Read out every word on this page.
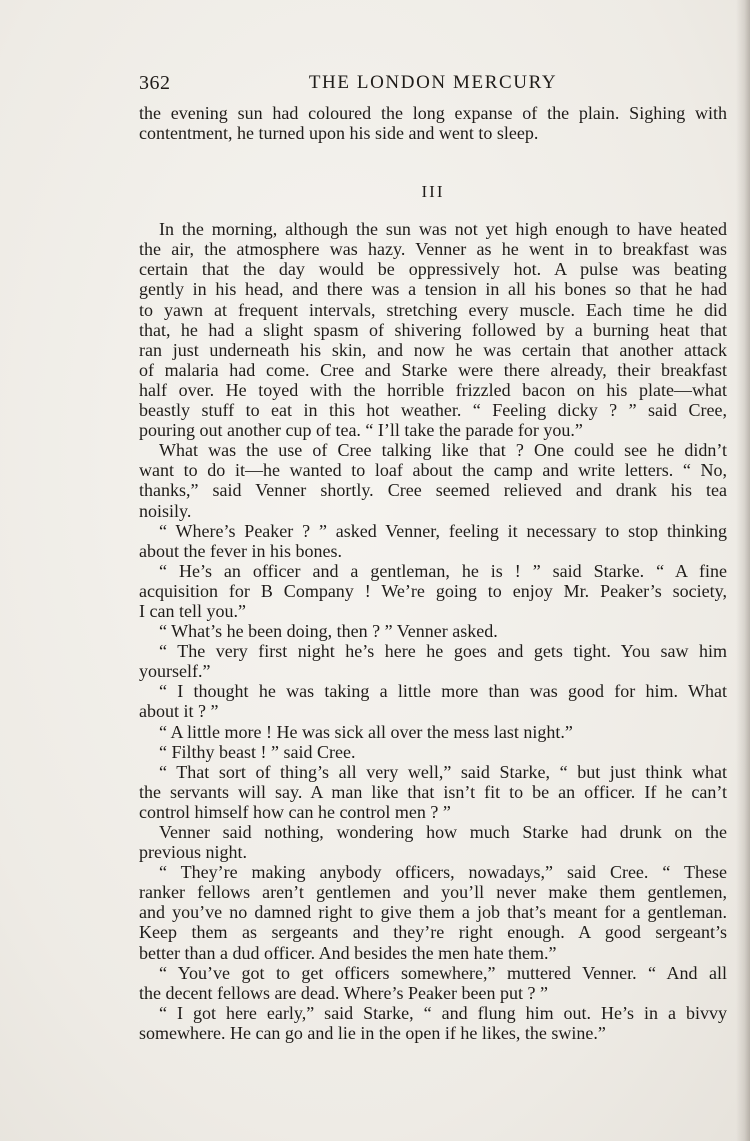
362	THE LONDON MERCURY
the evening sun had coloured the long expanse of the plain. Sighing with
contentment, he turned upon his side and went to sleep.
III
In the morning, although the sun was not yet high enough to have heated
the air, the atmosphere was hazy. Venner as he went in to breakfast was
certain that the day would be oppressively hot. A pulse was beating
gently in his head, and there was a tension in all his bones so that he had
to yawn at frequent intervals, stretching every muscle. Each time he did
that, he had a slight spasm of shivering followed by a burning heat that
ran just underneath his skin, and now he was certain that another attack
of malaria had come. Cree and Starke were there already, their breakfast
half over. He toyed with the horrible frizzled bacon on his plate—what
beastly stuff to eat in this hot weather. “ Feeling dicky ? ” said Cree,
pouring out another cup of tea. “ I’ll take the parade for you.”
What was the use of Cree talking like that ? One could see he didn’t
want to do it—he wanted to loaf about the camp and write letters. “ No,
thanks,” said Venner shortly. Cree seemed relieved and drank his tea
noisily.
“ Where’s Peaker ? ” asked Venner, feeling it necessary to stop thinking
about the fever in his bones.
“ He’s an officer and a gentleman, he is ! ” said Starke. “ A fine
acquisition for B Company ! We’re going to enjoy Mr. Peaker’s society,
I can tell you.”
“ What’s he been doing, then ? ” Venner asked.
“ The very first night he’s here he goes and gets tight. You saw him
yourself.”
“ I thought he was taking a little more than was good for him. What
about it ? ”
“ A little more ! He was sick all over the mess last night.”
“ Filthy beast ! ” said Cree.
“ That sort of thing’s all very well,” said Starke, “ but just think what
the servants will say. A man like that isn’t fit to be an officer. If he can’t
control himself how can he control men ? ”
Venner said nothing, wondering how much Starke had drunk on the
previous night.
“ They’re making anybody officers, nowadays,” said Cree. “ These
ranker fellows aren’t gentlemen and you’ll never make them gentlemen,
and you’ve no damned right to give them a job that’s meant for a gentleman.
Keep them as sergeants and they’re right enough. A good sergeant’s
better than a dud officer. And besides the men hate them.”
“ You’ve got to get officers somewhere,” muttered Venner. “ And all
the decent fellows are dead. Where’s Peaker been put ? ”
“ I got here early,” said Starke, “ and flung him out. He’s in a bivvy
somewhere. He can go and lie in the open if he likes, the swine.”
